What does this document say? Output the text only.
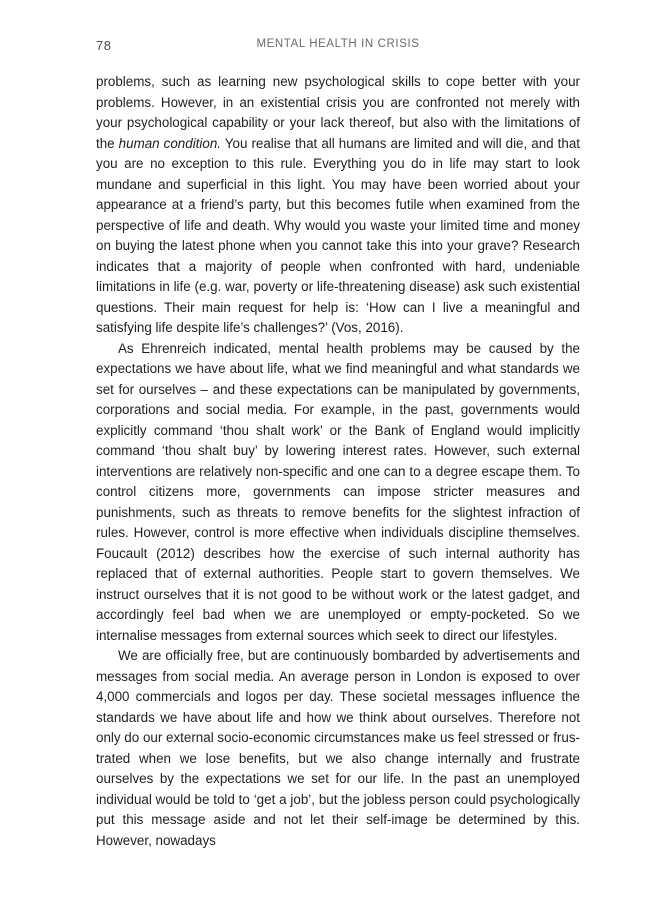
78	MENTAL HEALTH IN CRISIS

problems, such as learning new psychological skills to cope better with your problems. However, in an existential crisis you are confronted not merely with your psychological capability or your lack thereof, but also with the limitations of the human condition. You realise that all humans are limited and will die, and that you are no exception to this rule. Everything you do in life may start to look mundane and superficial in this light. You may have been worried about your appearance at a friend’s party, but this becomes futile when examined from the perspective of life and death. Why would you waste your limited time and money on buying the latest phone when you cannot take this into your grave? Research indicates that a majority of people when confronted with hard, undeniable limitations in life (e.g. war, poverty or life-threatening disease) ask such existential questions. Their main request for help is: ‘How can I live a meaningful and satisfying life despite life’s challenges?’ (Vos, 2016).

As Ehrenreich indicated, mental health problems may be caused by the expectations we have about life, what we find meaningful and what standards we set for ourselves – and these expectations can be manipulated by governments, corporations and social media. For example, in the past, governments would explicitly command ‘thou shalt work’ or the Bank of England would implicitly command ‘thou shalt buy’ by lowering interest rates. However, such external interventions are relatively non-specific and one can to a degree escape them. To control citizens more, governments can impose stricter measures and punishments, such as threats to remove benefits for the slightest infraction of rules. However, control is more effective when individuals discipline themselves. Foucault (2012) describes how the exercise of such internal authority has replaced that of external authorities. People start to govern themselves. We instruct ourselves that it is not good to be without work or the latest gadget, and accordingly feel bad when we are unemployed or empty-pocketed. So we internalise messages from external sources which seek to direct our lifestyles.

We are officially free, but are continuously bombarded by advertisements and messages from social media. An average person in London is exposed to over 4,000 commercials and logos per day. These societal messages influence the standards we have about life and how we think about ourselves. Therefore not only do our external socio-economic circumstances make us feel stressed or frustrated when we lose benefits, but we also change internally and frustrate ourselves by the expectations we set for our life. In the past an unemployed individual would be told to ‘get a job’, but the jobless person could psychologically put this message aside and not let their self-image be determined by this. However, nowadays
